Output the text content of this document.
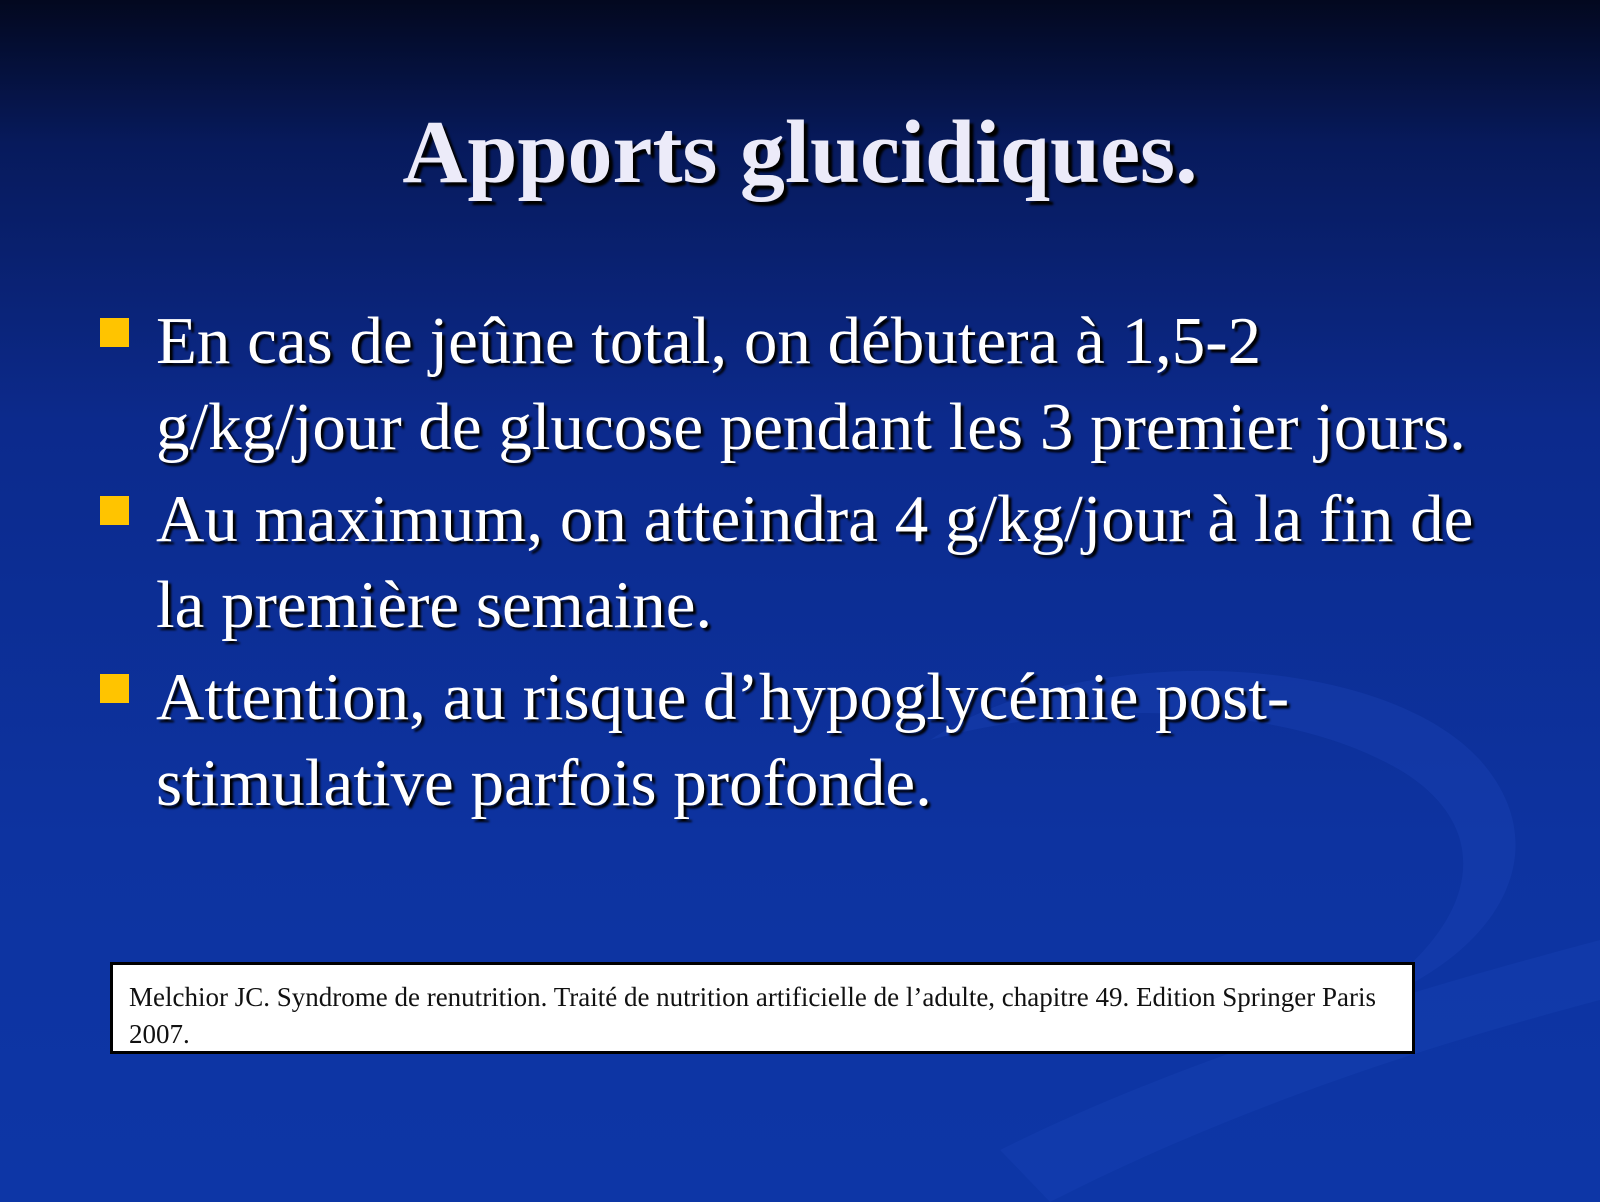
Apports glucidiques.
En cas de jeûne total, on débutera à 1,5-2 g/kg/jour de glucose pendant les 3 premier jours.
Au maximum, on atteindra 4 g/kg/jour à la fin de la première semaine.
Attention, au risque d’hypoglycémie post-stimulative parfois profonde.
Melchior JC. Syndrome de renutrition. Traité de nutrition artificielle de l’adulte, chapitre 49. Edition Springer Paris 2007.
